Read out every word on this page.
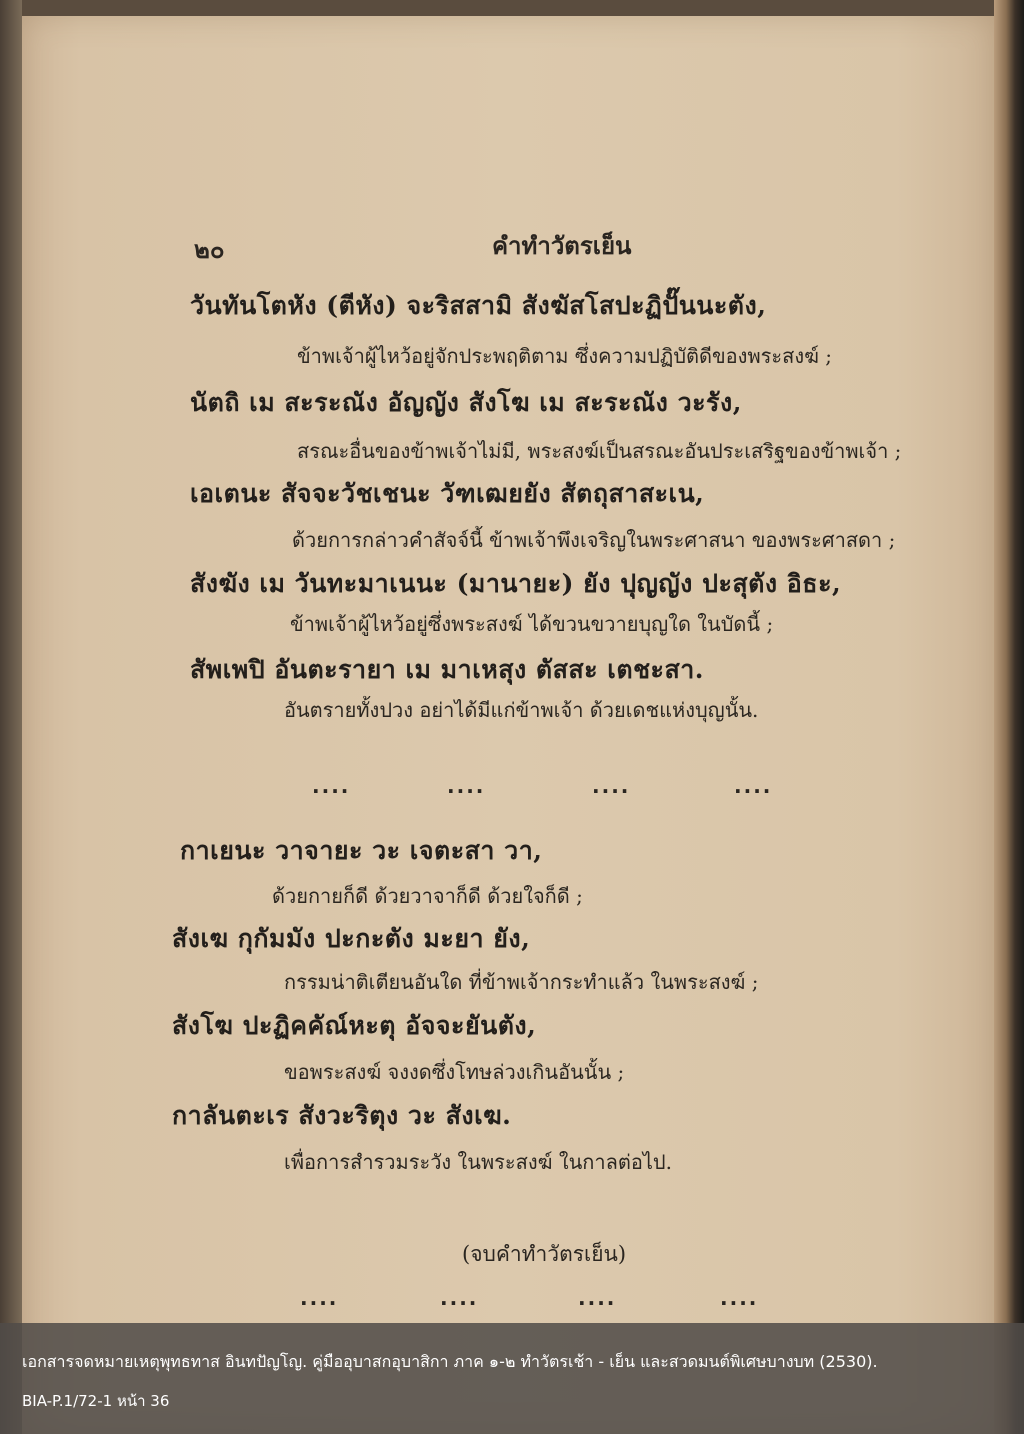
๒๐	คำทำวัตรเย็น
วันทันโตหัง (ตีหัง) จะริสสามิ สังฆัสโสปะฏิปั๊นนะตัง,
ข้าพเจ้าผู้ไหว้อยู่จักประพฤติตาม ซึ่งความปฏิบัติดีของพระสงฆ์ ;
นัตถิ เม สะระณัง อัญญัง สังโฆ เม สะระณัง วะรัง,
สรณะอื่นของข้าพเจ้าไม่มี, พระสงฆ์เป็นสรณะอันประเสริฐของข้าพเจ้า ;
เอเตนะ สัจจะวัชเชนะ วัฑเฒยยัง สัตถุสาสะเน,
ด้วยการกล่าวคำสัจจ์นี้ ข้าพเจ้าพึงเจริญในพระศาสนา ของพระศาสดา ;
สังฆัง เม วันทะมาเนนะ (มานายะ) ยัง ปุญญัง ปะสุตัง อิธะ,
ข้าพเจ้าผู้ไหว้อยู่ซึ่งพระสงฆ์ ได้ขวนขวายบุญใด ในบัดนี้ ;
สัพเพปิ อันตะรายา เม มาเหสุง ตัสสะ เตชะสา.
อันตรายทั้งปวง อย่าได้มีแก่ข้าพเจ้า ด้วยเดชแห่งบุญนั้น.
....	....	....	....
กาเยนะ วาจายะ วะ เจตะสา วา,
ด้วยกายก็ดี ด้วยวาจาก็ดี ด้วยใจก็ดี ;
สังเฆ กุกัมมัง ปะกะตัง มะยา ยัง,
กรรมน่าติเตียนอันใด ที่ข้าพเจ้ากระทำแล้ว ในพระสงฆ์ ;
สังโฆ ปะฏิคคัณ์หะตุ อัจจะยันตัง,
ขอพระสงฆ์ จงงดซึ่งโทษล่วงเกินอันนั้น ;
กาลันตะเร สังวะริตุง วะ สังเฆ.
เพื่อการสำรวมระวัง ในพระสงฆ์ ในกาลต่อไป.
(จบคำทำวัตรเย็น)
....	....	....	....
เอกสารจดหมายเหตุพุทธทาส อินทปัญโญ. คู่มืออุบาสกอุบาสิกา ภาค ๑-๒ ทำวัตรเช้า - เย็น และสวดมนต์พิเศษบางบท (2530).
BIA-P.1/72-1 หน้า 36
